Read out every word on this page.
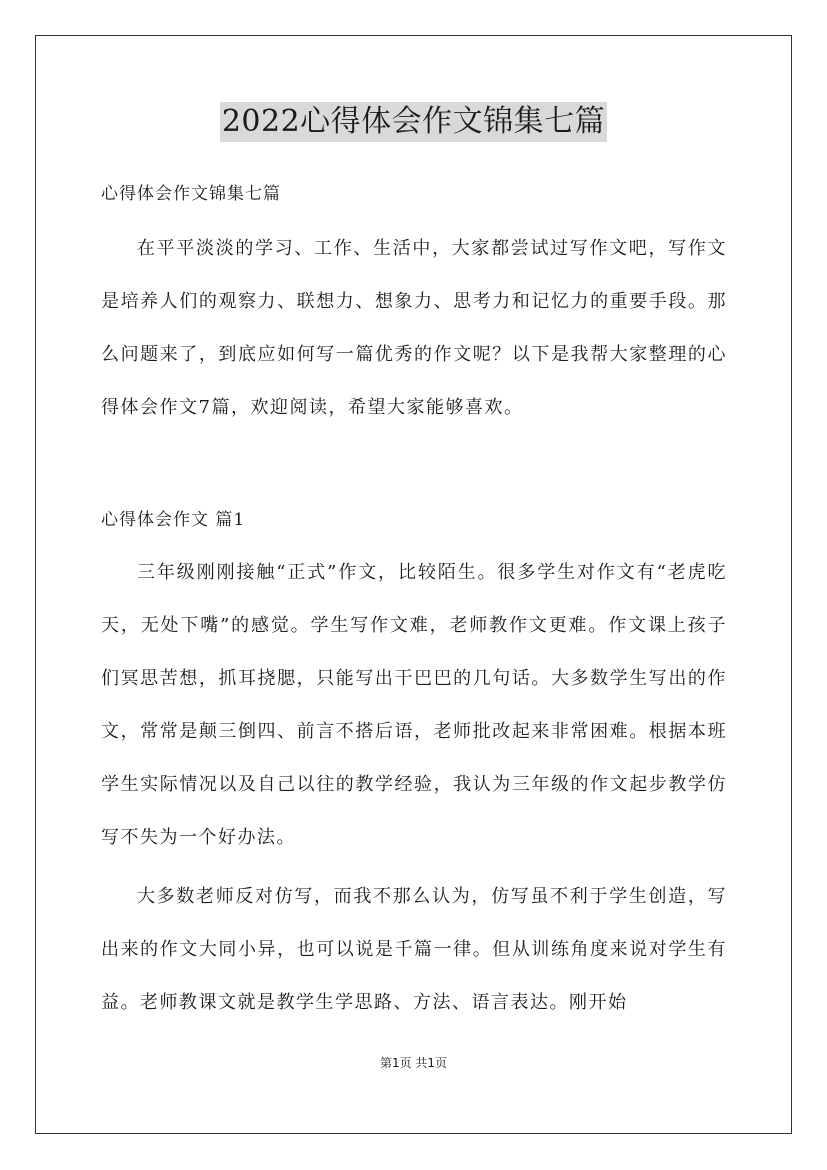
2022心得体会作文锦集七篇
心得体会作文锦集七篇

在平平淡淡的学习、工作、生活中，大家都尝试过写作文吧，写作文是培养人们的观察力、联想力、想象力、思考力和记忆力的重要手段。那么问题来了，到底应如何写一篇优秀的作文呢？以下是我帮大家整理的心得体会作文7篇，欢迎阅读，希望大家能够喜欢。

心得体会作文 篇1

三年级刚刚接触“正式”作文，比较陌生。很多学生对作文有“老虎吃天，无处下嘴”的感觉。学生写作文难，老师教作文更难。作文课上孩子们冥思苦想，抓耳挠腮，只能写出干巴巴的几句话。大多数学生写出的作文，常常是颠三倒四、前言不搭后语，老师批改起来非常困难。根据本班学生实际情况以及自己以往的教学经验，我认为三年级的作文起步教学仿写不失为一个好办法。

大多数老师反对仿写，而我不那么认为，仿写虽不利于学生创造，写出来的作文大同小异，也可以说是千篇一律。但从训练角度来说对学生有益。老师教课文就是教学生学思路、方法、语言表达。刚开始

第1页 共1页
